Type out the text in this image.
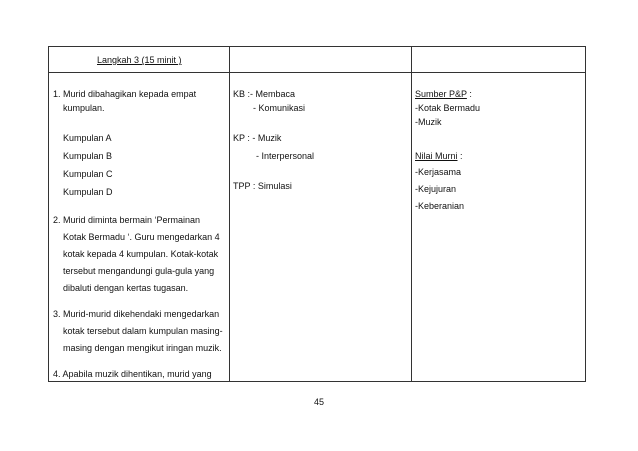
Langkah 3 (15 minit )
1. Murid dibahagikan kepada empat
kumpulan.
Kumpulan A
Kumpulan B
Kumpulan C
Kumpulan D
2. Murid diminta bermain ‘Permainan
Kotak Bermadu ‘. Guru mengedarkan 4
kotak kepada 4 kumpulan. Kotak-kotak
tersebut mengandungi gula-gula yang
dibaluti dengan kertas tugasan.
3. Murid-murid dikehendaki mengedarkan
kotak tersebut dalam kumpulan masing-
masing dengan mengikut iringan muzik.
4. Apabila muzik dihentikan, murid yang
KB :- Membaca
- Komunikasi
KP : - Muzik
- Interpersonal
TPP : Simulasi
Sumber P&P :
-Kotak Bermadu
-Muzik
Nilai Murni :
-Kerjasama
-Kejujuran
-Keberanian
45
